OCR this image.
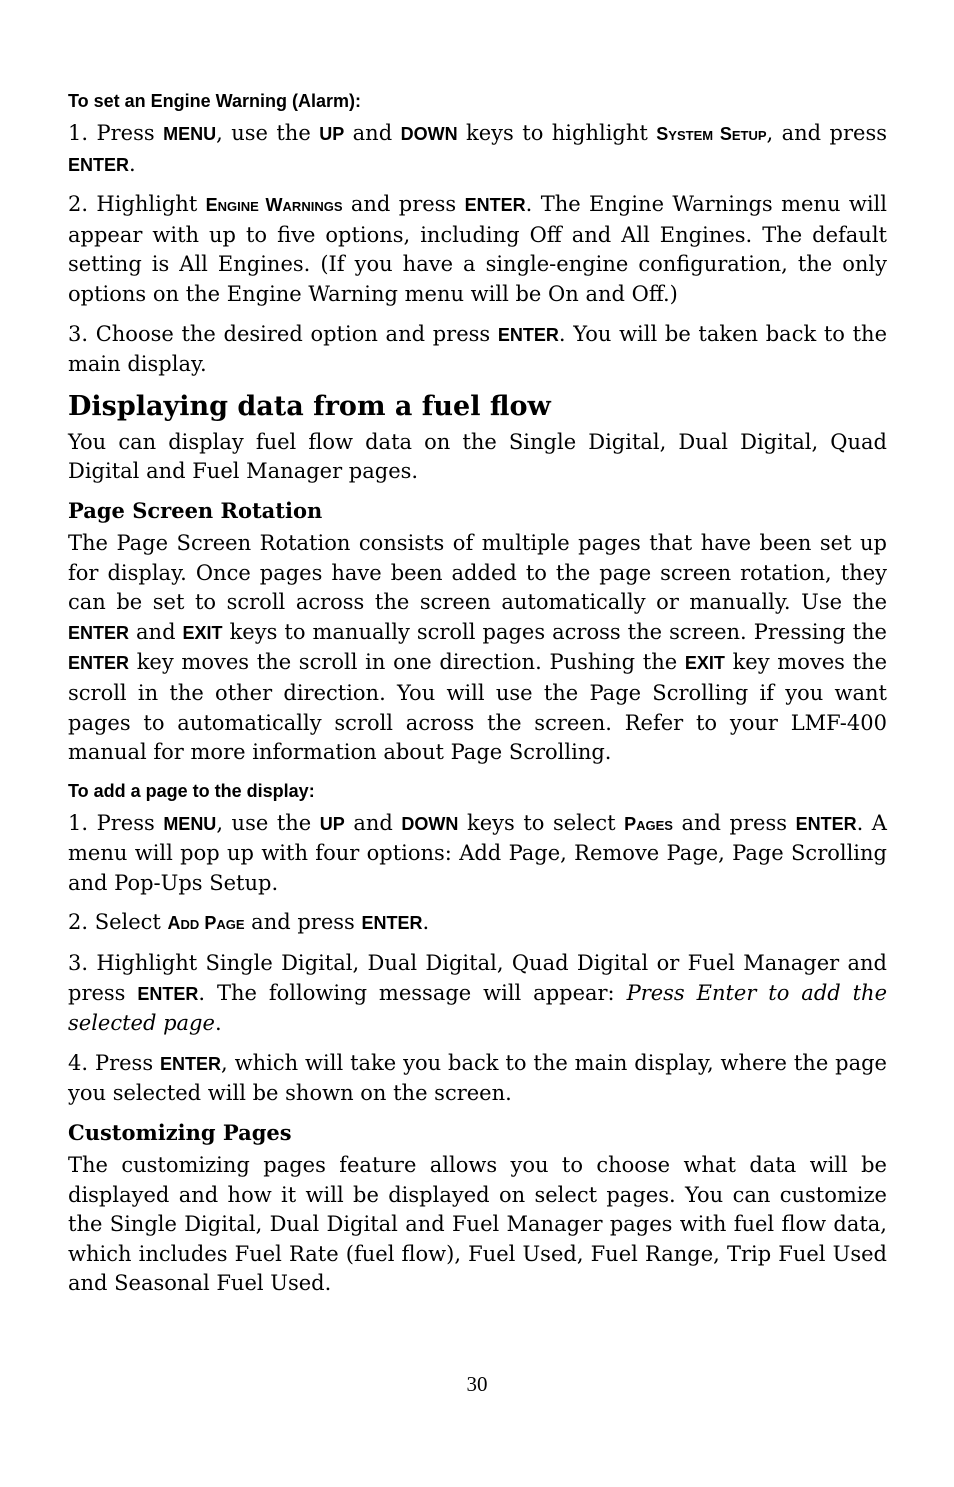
To set an Engine Warning (Alarm):

1. Press MENU, use the UP and DOWN keys to highlight System Setup, and press ENTER.

2. Highlight Engine Warnings and press ENTER. The Engine Warnings menu will appear with up to five options, including Off and All Engines. The default setting is All Engines. (If you have a single-engine configuration, the only options on the Engine Warning menu will be On and Off.)

3. Choose the desired option and press ENTER. You will be taken back to the main display.

Displaying data from a fuel flow

You can display fuel flow data on the Single Digital, Dual Digital, Quad Digital and Fuel Manager pages.

Page Screen Rotation

The Page Screen Rotation consists of multiple pages that have been set up for display. Once pages have been added to the page screen rotation, they can be set to scroll across the screen automatically or manually. Use the ENTER and EXIT keys to manually scroll pages across the screen. Pressing the ENTER key moves the scroll in one direction. Pushing the EXIT key moves the scroll in the other direction. You will use the Page Scrolling if you want pages to automatically scroll across the screen. Refer to your LMF-400 manual for more information about Page Scrolling.

To add a page to the display:

1. Press MENU, use the UP and DOWN keys to select Pages and press ENTER. A menu will pop up with four options: Add Page, Remove Page, Page Scrolling and Pop-Ups Setup.

2. Select Add Page and press ENTER.

3. Highlight Single Digital, Dual Digital, Quad Digital or Fuel Manager and press ENTER. The following message will appear: Press Enter to add the selected page.

4. Press ENTER, which will take you back to the main display, where the page you selected will be shown on the screen.

Customizing Pages

The customizing pages feature allows you to choose what data will be displayed and how it will be displayed on select pages. You can customize the Single Digital, Dual Digital and Fuel Manager pages with fuel flow data, which includes Fuel Rate (fuel flow), Fuel Used, Fuel Range, Trip Fuel Used and Seasonal Fuel Used.

30
